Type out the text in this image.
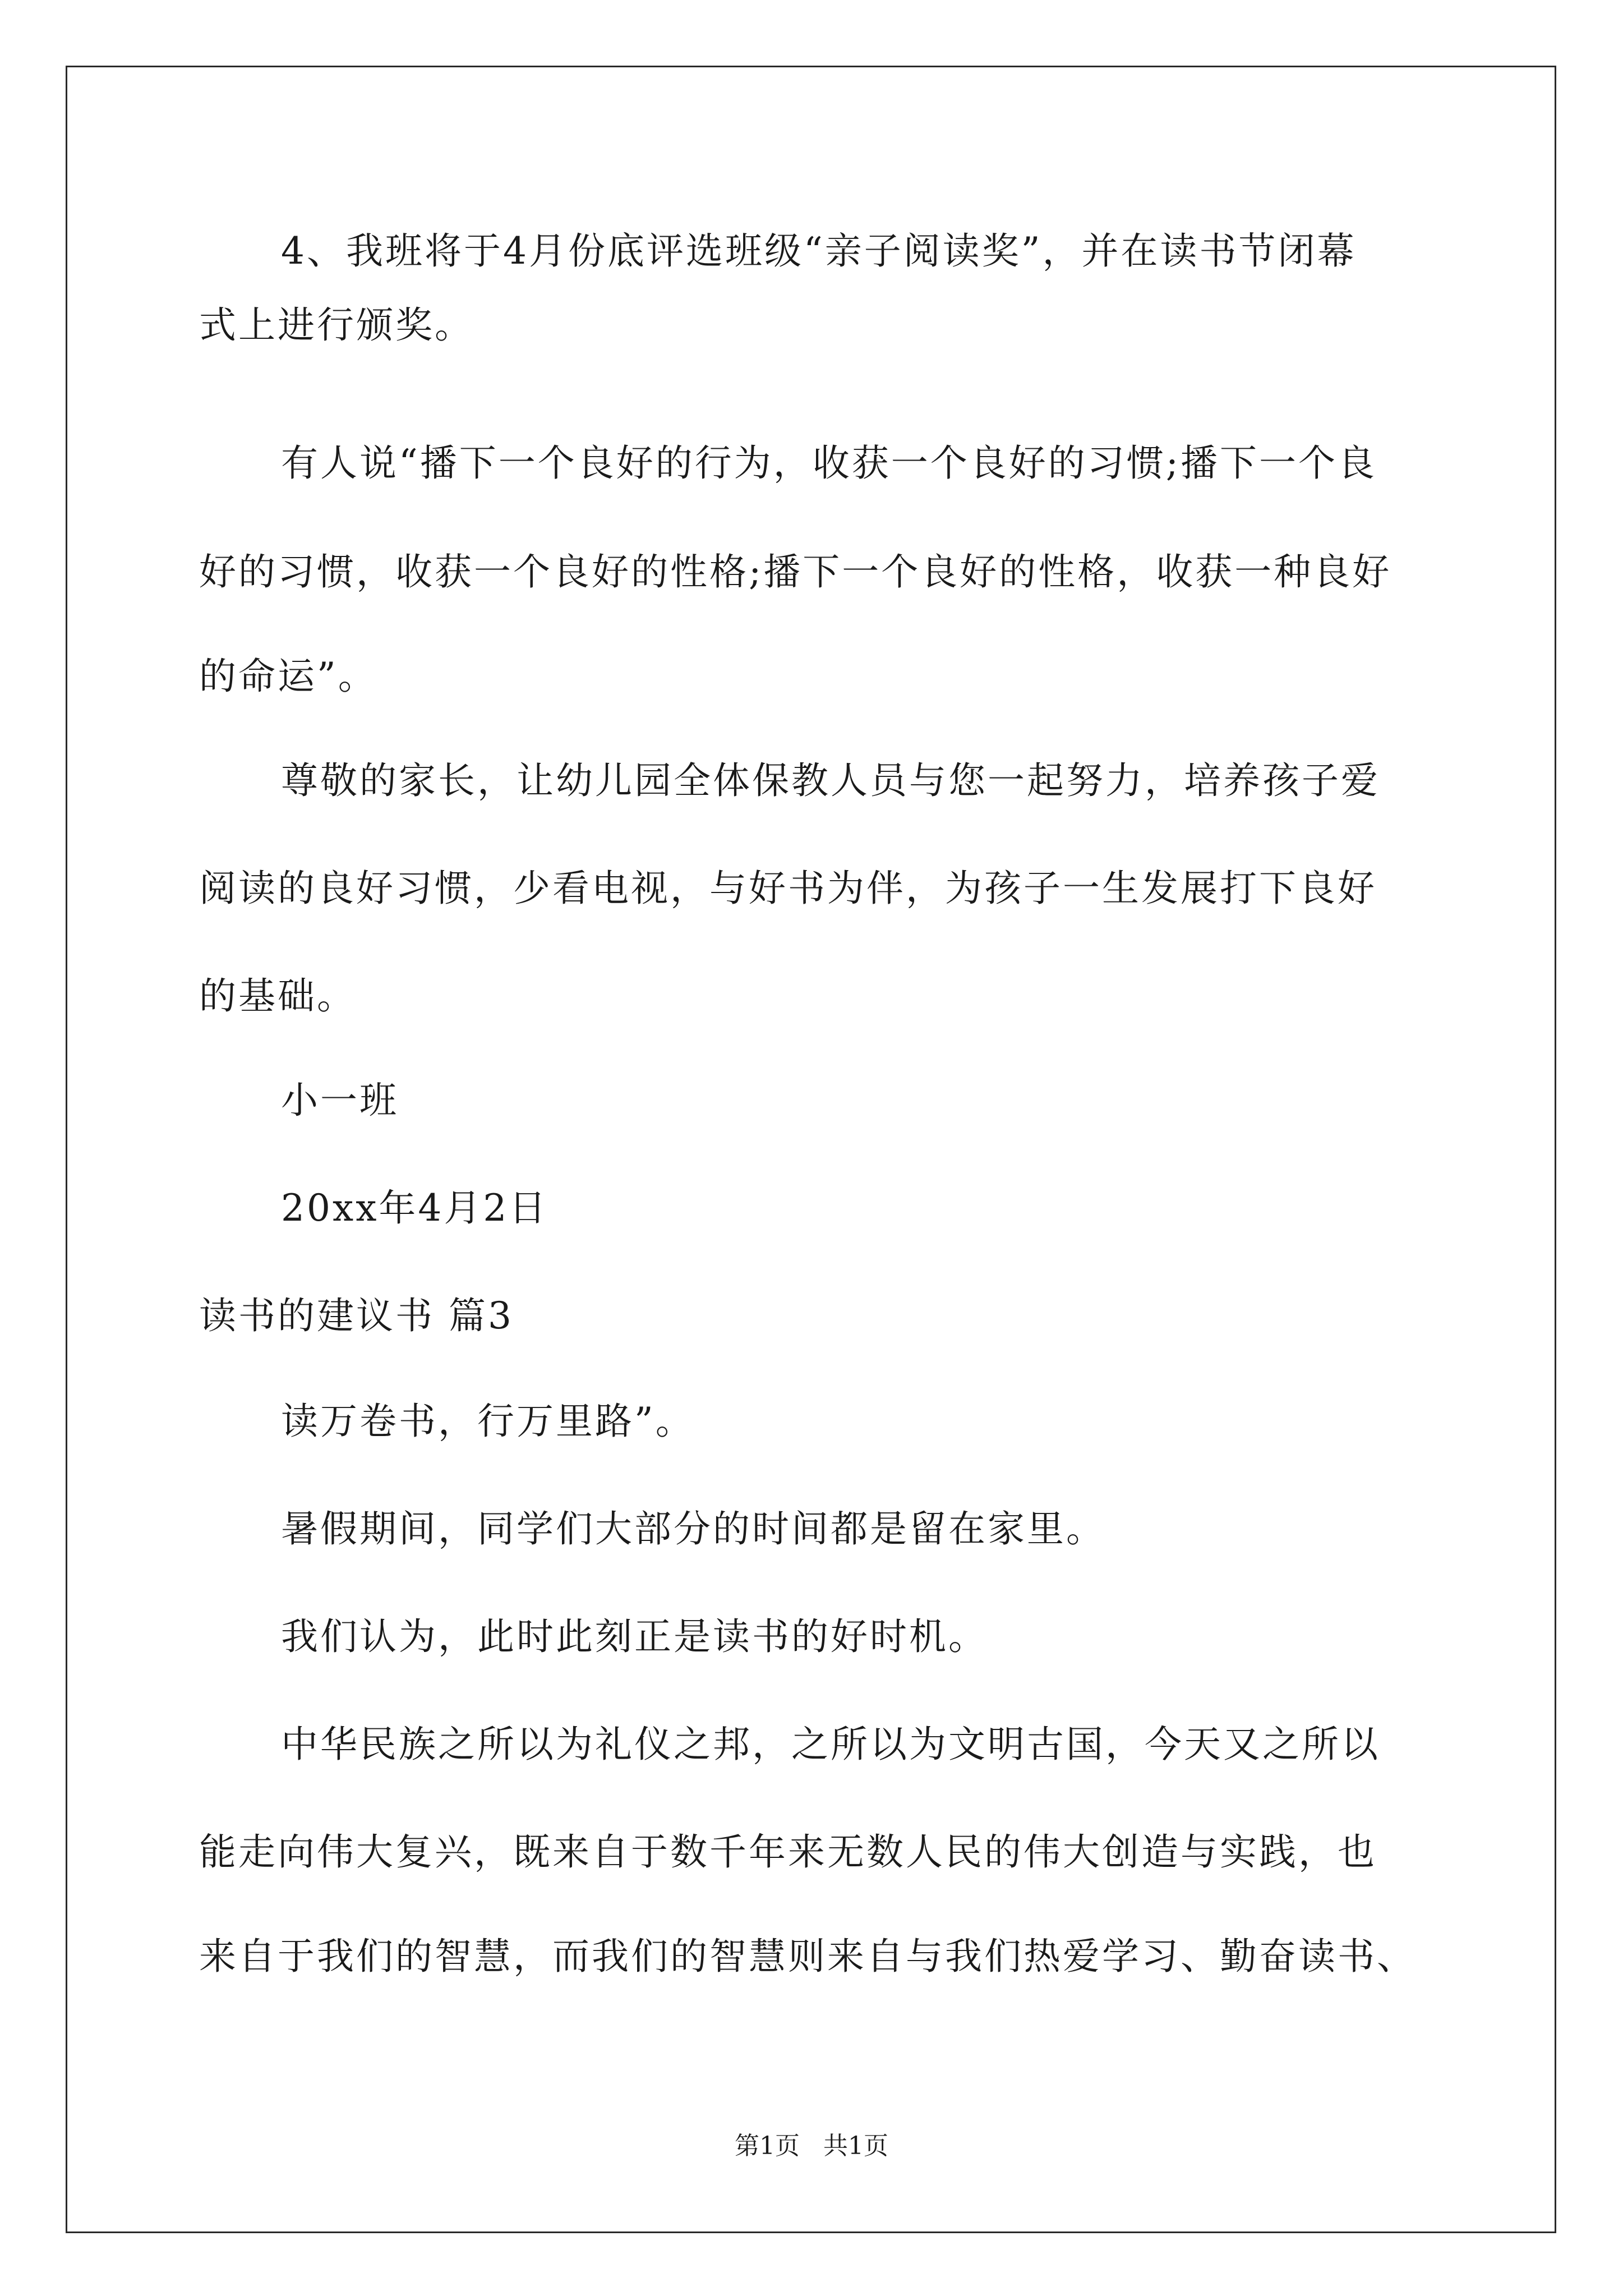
4、我班将于4月份底评选班级“亲子阅读奖”，并在读书节闭幕
式上进行颁奖。
有人说“播下一个良好的行为，收获一个良好的习惯;播下一个良
好的习惯，收获一个良好的性格;播下一个良好的性格，收获一种良好
的命运”。
尊敬的家长，让幼儿园全体保教人员与您一起努力，培养孩子爱
阅读的良好习惯，少看电视，与好书为伴，为孩子一生发展打下良好
的基础。
小一班
20xx年4月2日
读书的建议书 篇3
读万卷书，行万里路”。
暑假期间，同学们大部分的时间都是留在家里。
我们认为，此时此刻正是读书的好时机。
中华民族之所以为礼仪之邦，之所以为文明古国，今天又之所以
能走向伟大复兴，既来自于数千年来无数人民的伟大创造与实践，也
来自于我们的智慧，而我们的智慧则来自与我们热爱学习、勤奋读书、
第1页   共1页
